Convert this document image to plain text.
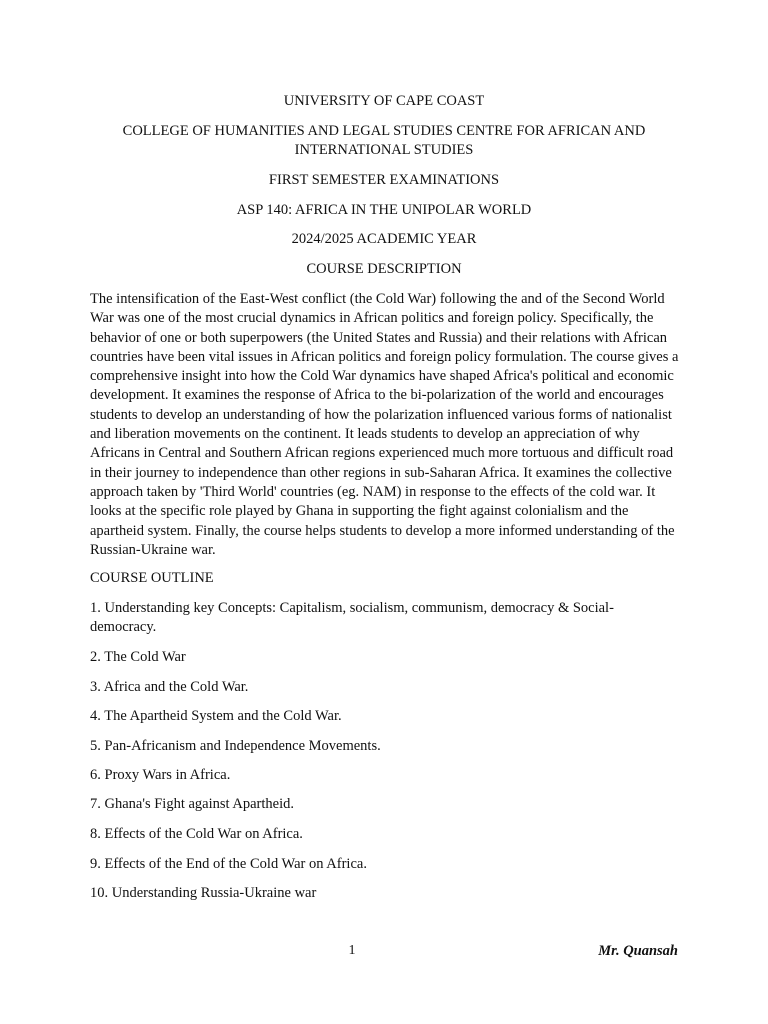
UNIVERSITY OF CAPE COAST
COLLEGE OF HUMANITIES AND LEGAL STUDIES CENTRE FOR AFRICAN AND INTERNATIONAL STUDIES
FIRST SEMESTER EXAMINATIONS
ASP 140: AFRICA IN THE UNIPOLAR WORLD
2024/2025 ACADEMIC YEAR
COURSE DESCRIPTION
The intensification of the East-West conflict (the Cold War) following the and of the Second World War was one of the most crucial dynamics in African politics and foreign policy. Specifically, the behavior of one or both superpowers (the United States and Russia) and their relations with African countries have been vital issues in African politics and foreign policy formulation. The course gives a comprehensive insight into how the Cold War dynamics have shaped Africa's political and economic development. It examines the response of Africa to the bi-polarization of the world and encourages students to develop an understanding of how the polarization influenced various forms of nationalist and liberation movements on the continent. It leads students to develop an appreciation of why Africans in Central and Southern African regions experienced much more tortuous and difficult road in their journey to independence than other regions in sub-Saharan Africa. It examines the collective approach taken by 'Third World' countries (eg. NAM) in response to the effects of the cold war. It looks at the specific role played by Ghana in supporting the fight against colonialism and the apartheid system. Finally, the course helps students to develop a more informed understanding of the Russian-Ukraine war.
COURSE OUTLINE
1. Understanding key Concepts: Capitalism, socialism, communism, democracy & Social-democracy.
2. The Cold War
3. Africa and the Cold War.
4. The Apartheid System and the Cold War.
5. Pan-Africanism and Independence Movements.
6. Proxy Wars in Africa.
7. Ghana's Fight against Apartheid.
8. Effects of the Cold War on Africa.
9. Effects of the End of the Cold War on Africa.
10. Understanding Russia-Ukraine war
1	Mr. Quansah
